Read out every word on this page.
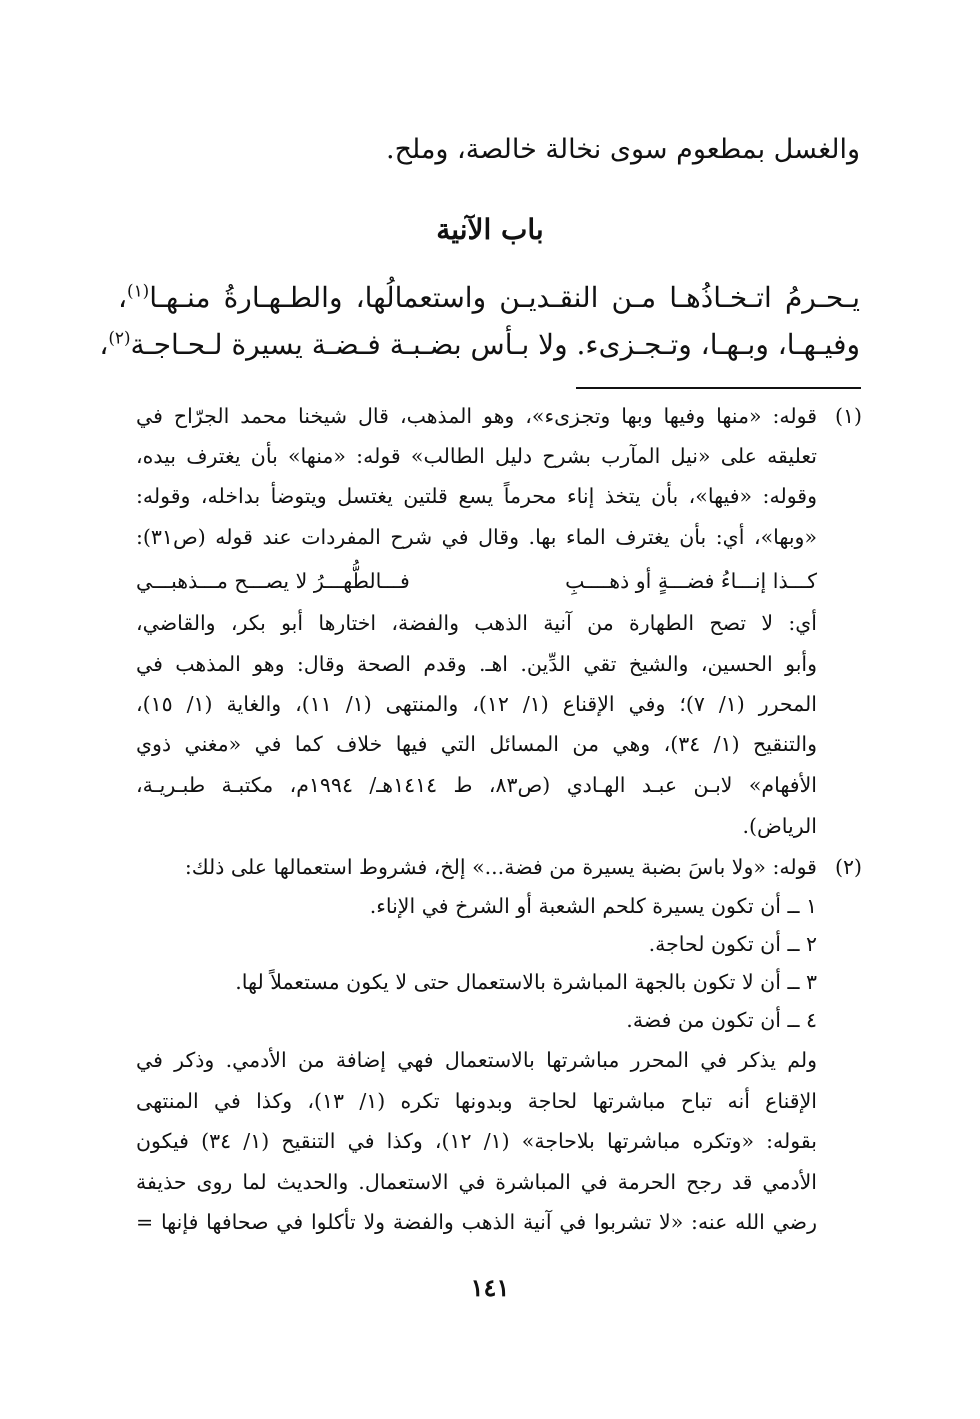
والغسل بمطعوم سوى نخالة خالصة، وملح.
باب الآنية
يـحـرمُ اتـخـاذُهـا مـن النقـديـن واستعمالُها، والطـهـارةُ منـهـا$^{(١)}$،
وفيـهـا، وبـهـا، وتـجـزىء. ولا بـأس بضـبـة فـضـة يسيرة لـحـاجـة$^{(٢)}$،
(١)
قوله: «منها وفيها وبها وتجزىء»، وهو المذهب، قال شيخنا محمد الجرّاح في
تعليقه على «نيل المآرب بشرح دليل الطالب» قوله: «منها» بأن يغترف بيده،
وقوله: «فيها»، بأن يتخذ إناء محرماً يسع قلتين يغتسل ويتوضأ بداخله، وقوله:
«وبها»، أي: بأن يغترف الماء بها. وقال في شرح المفردات عند قوله (ص٣١):
كـــذا إنـــاءُ فضـــةٍ أو ذهــــبِ
فـــالطُّهـــرُ لا يصـــح مـــذهبـــي
أي: لا تصح الطهارة من آنية الذهب والفضة، اختارها أبو بكر، والقاضي،
وأبو الحسين، والشيخ تقي الدِّين. اهـ. وقدم الصحة وقال: وهو المذهب في
المحرر (١/ ٧)؛ وفي الإقناع (١/ ١٢)، والمنتهى (١/ ١١)، والغاية (١/ ١٥)،
والتنقيح (١/ ٣٤)، وهي من المسائل التي فيها خلاف كما في «مغني ذوي
الأفهام» لابـن عبـد الهـادي (ص٨٣، ط ١٤١٤هـ/ ١٩٩٤م، مكتبـة طبـريـة،
الرياض).
(٢)
قوله: «ولا باسَ بضبة يسيرة من فضة...» إلخ، فشروط استعمالها على ذلك:
١ ــ أن تكون يسيرة كلحم الشعبة أو الشرخ في الإناء.
٢ ــ أن تكون لحاجة.
٣ ــ أن لا تكون بالجهة المباشرة بالاستعمال حتى لا يكون مستعملاً لها.
٤ ــ أن تكون من فضة.
ولم يذكر في المحرر مباشرتها بالاستعمال فهي إضافة من الأدمي. وذكر في
الإقناع أنه تباح مباشرتها لحاجة وبدونها تكره (١/ ١٣)، وكذا في المنتهى
بقوله: «وتكره مباشرتها بلاحاجة» (١/ ١٢)، وكذا في التنقيح (١/ ٣٤) فيكون
الأدمي قد رجح الحرمة في المباشرة في الاستعمال. والحديث لما روى حذيفة
رضي الله عنه: «لا تشربوا في آنية الذهب والفضة ولا تأكلوا في صحافها فإنها =
١٤١
